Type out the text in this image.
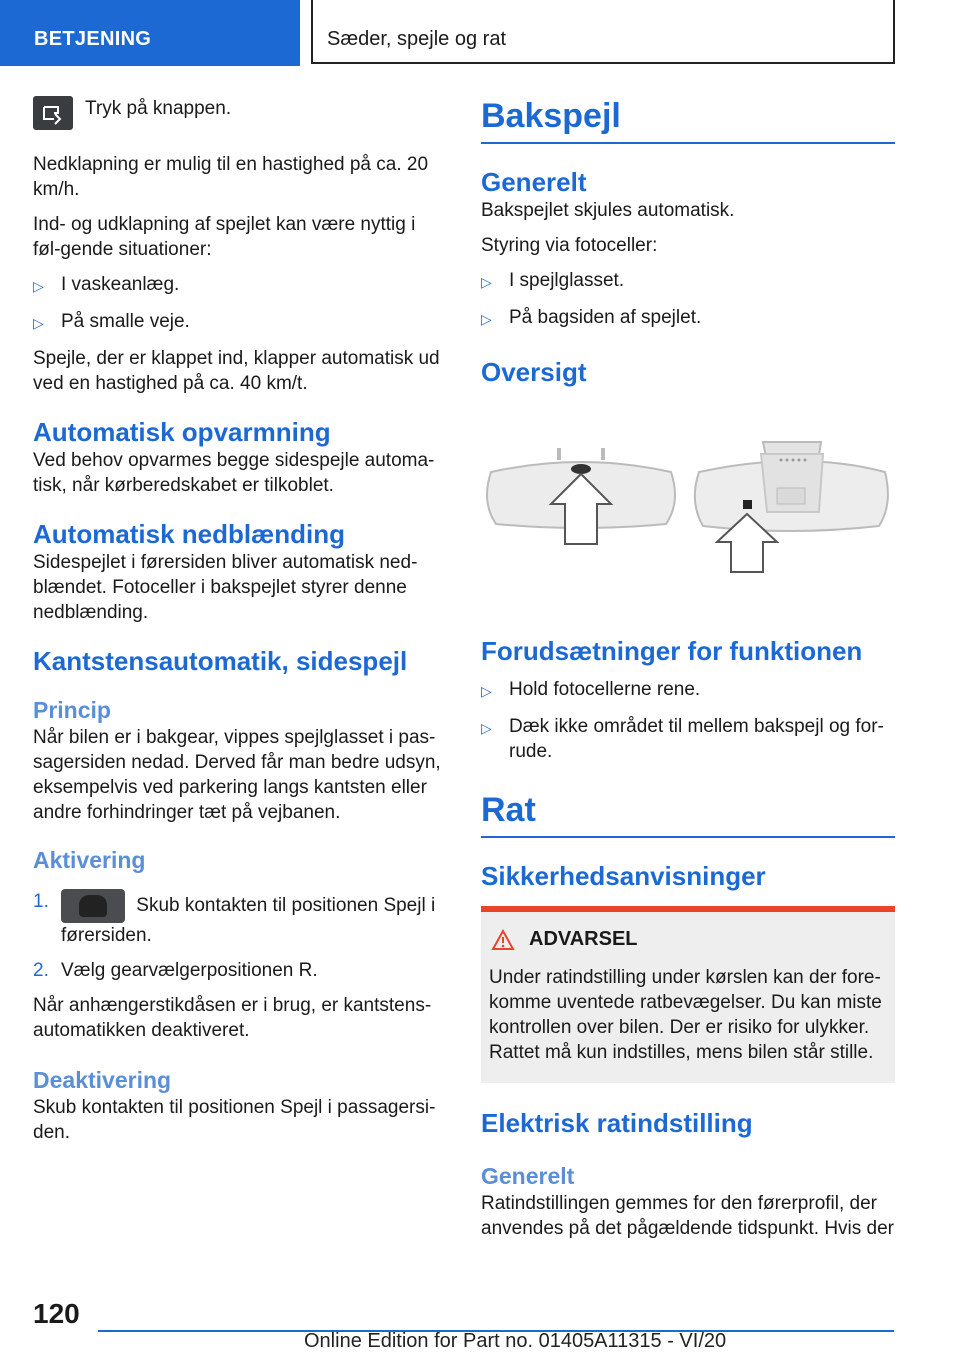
BETJENING	Sæder, spejle og rat

Tryk på knappen.

Nedklapning er mulig til en hastighed på ca. 20 km/h.

Ind- og udklapning af spejlet kan være nyttig i føl‐gende situationer:

▷ I vaskeanlæg.
▷ På smalle veje.

Spejle, der er klappet ind, klapper automatisk ud ved en hastighed på ca. 40 km/t.

Automatisk opvarmning

Ved behov opvarmes begge sidespejle automa‐tisk, når kørberedskabet er tilkoblet.

Automatisk nedblænding

Sidespejlet i førersiden bliver automatisk ned‐blændet. Fotoceller i bakspejlet styrer denne nedblænding.

Kantstensautomatik, sidespejl
Princip

Når bilen er i bakgear, vippes spejlglasset i pas‐sagersiden nedad. Derved får man bedre udsyn, eksempelvis ved parkering langs kantsten eller andre forhindringer tæt på vejbanen.

Aktivering
1.	Skub kontakten til positionen Spejl i førersiden.
2. Vælg gearvælgerpositionen R.

Når anhængerstikdåsen er i brug, er kantstens‐automatikken deaktiveret.

Deaktivering

Skub kontakten til positionen Spejl i passagersi‐den.

Bakspejl
Generelt

Bakspejlet skjules automatisk.

Styring via fotoceller:

▷ I spejlglasset.
▷ På bagsiden af spejlet.
Oversigt
Forudsætninger for funktionen
▷ Hold fotocellerne rene.
▷ Dæk ikke området til mellem bakspejl og for‐rude.
Rat
Sikkerhedsanvisninger
ADVARSEL

Under ratindstilling under kørslen kan der fore‐komme uventede ratbevægelser. Du kan miste kontrollen over bilen. Der er risiko for ulykker. Rattet må kun indstilles, mens bilen står stille.

Elektrisk ratindstilling
Generelt

Ratindstillingen gemmes for den førerprofil, der anvendes på det pågældende tidspunkt. Hvis der

120
Online Edition for Part no. 01405A11315 - VI/20
